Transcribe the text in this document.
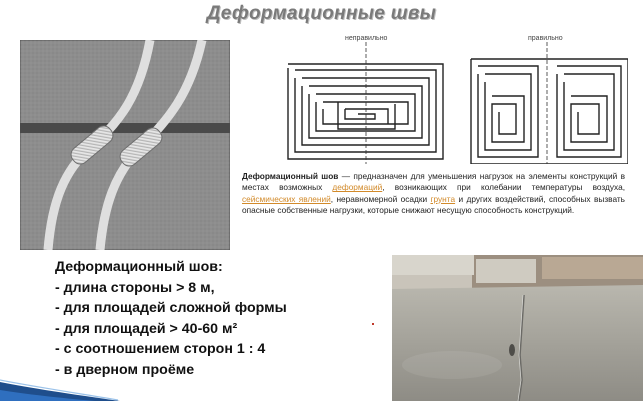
Деформационные швы
неправильно	правильно
Деформационный шов — предназначен для уменьшения нагрузок на элементы конструкций в местах возможных деформаций, возникающих при колебании температуры воздуха, сейсмических явлений, неравномерной осадки грунта и других воздействий, способных вызвать опасные собственные нагрузки, которые снижают несущую способность конструкций.
Деформационный шов:
- длина стороны > 8 м,
- для площадей сложной формы
- для площадей > 40-60 м²
- с соотношением сторон 1 : 4
- в дверном проёме
